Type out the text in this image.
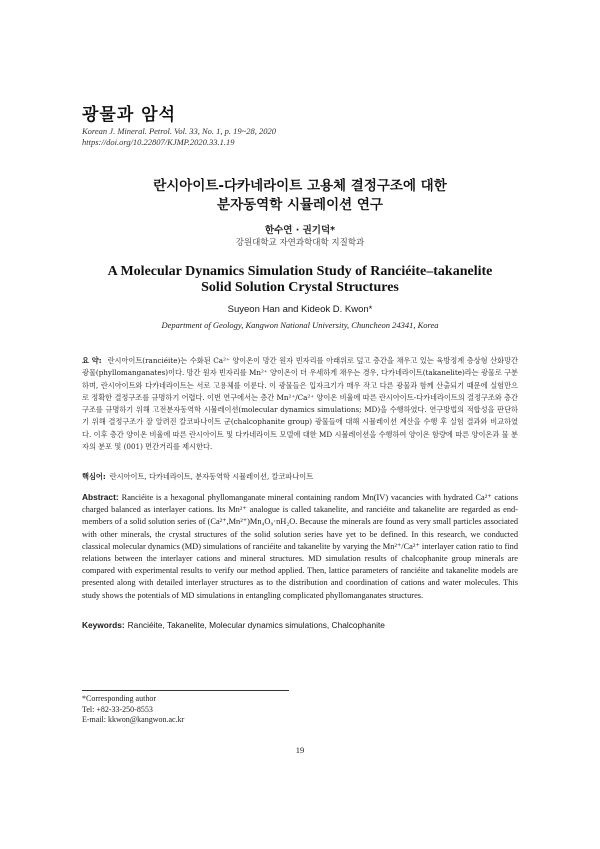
광물과 암석
Korean J. Mineral. Petrol. Vol. 33, No. 1, p. 19~28, 2020
https://doi.org/10.22807/KJMP.2020.33.1.19
란시아이트-다카네라이트 고용체 결정구조에 대한
분자동역학 시뮬레이션 연구
한수연 · 권기덕*
강원대학교 자연과학대학 지질학과
A Molecular Dynamics Simulation Study of Ranciéite–takanelite
Solid Solution Crystal Structures
Suyeon Han and Kideok D. Kwon*
Department of Geology, Kangwon National University, Chuncheon 24341, Korea
요 약: 란시아이트(ranciéite)는 수화된 Ca²⁺ 양이온이 망간 원자 빈자리를 아래위로 덮고 층간을 채우고 있는 육방정계 층상형 산화망간광물(phyllomanganates)이다. 망간 원자 빈자리를 Mn²⁺ 양이온이 더 우세하게 채우는 경우, 다카네라이트(takanelite)라는 광물로 구분하며, 란시아이트와 다카네라이트는 서로 고용체를 이룬다. 이 광물들은 입자크기가 매우 작고 다른 광물과 함께 산출되기 때문에 실험만으로 정확한 결정구조를 규명하기 어렵다. 이번 연구에서는 층간 Mn²⁺/Ca²⁺ 양이온 비율에 따른 란시아이트-다카네라이트의 결정구조와 층간 구조를 규명하기 위해 고전분자동역학 시뮬레이션(molecular dynamics simulations; MD)을 수행하였다. 연구방법의 적합성을 판단하기 위해 결정구조가 잘 알려진 칼코파나이트 군(chalcophanite group) 광물들에 대해 시뮬레이션 계산을 수행 후 실험 결과와 비교하였다. 이후 층간 양이온 비율에 따른 란시아이트 및 다카네라이트 모델에 대한 MD 시뮬레이션을 수행하여 양이온 함량에 따른 양이온과 물 분자의 분포 및 (001) 면간거리를 제시한다.
핵심어: 란시아이트, 다카네라이트, 분자동역학 시뮬레이션, 칼코파나이트
Abstract: Ranciéite is a hexagonal phyllomanganate mineral containing random Mn(IV) vacancies with hydrated Ca²⁺ cations charged balanced as interlayer cations. Its Mn²⁺ analogue is called takanelite, and ranciéite and takanelite are regarded as end-members of a solid solution series of (Ca²⁺,Mn²⁺)Mn₄O₉·nH₂O. Because the minerals are found as very small particles associated with other minerals, the crystal structures of the solid solution series have yet to be defined. In this research, we conducted classical molecular dynamics (MD) simulations of ranciéite and takanelite by varying the Mn²⁺/Ca²⁺ interlayer cation ratio to find relations between the interlayer cations and mineral structures. MD simulation results of chalcophanite group minerals are compared with experimental results to verify our method applied. Then, lattice parameters of ranciéite and takanelite models are presented along with detailed interlayer structures as to the distribution and coordination of cations and water molecules. This study shows the potentials of MD simulations in entangling complicated phyllomanganates structures.
Keywords: Ranciéite, Takanelite, Molecular dynamics simulations, Chalcophanite
*Corresponding author
Tel: +82-33-250-8553
E-mail: kkwon@kangwon.ac.kr
19
